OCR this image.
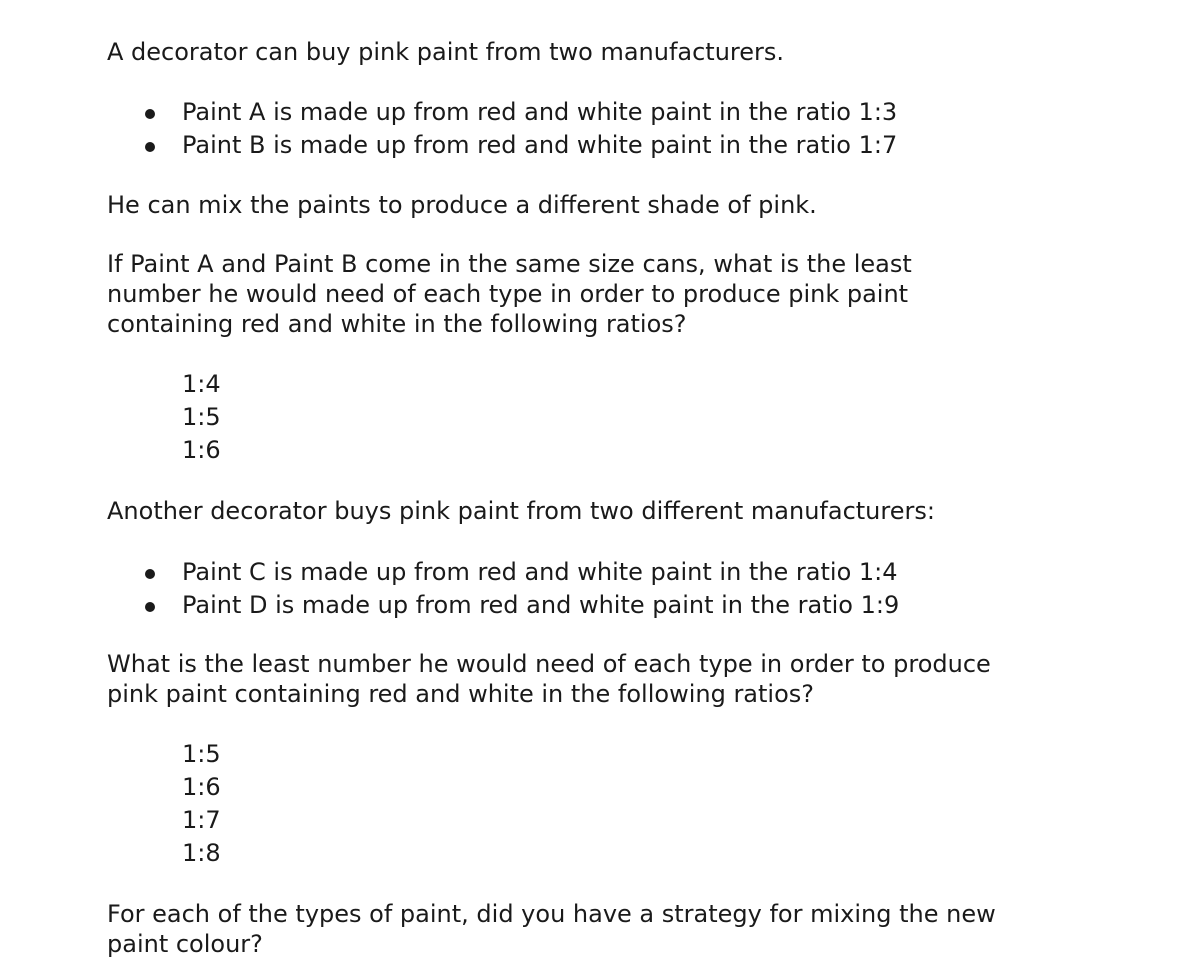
A decorator can buy pink paint from two manufacturers.

Paint A is made up from red and white paint in the ratio 1:3
Paint B is made up from red and white paint in the ratio 1:7

He can mix the paints to produce a different shade of pink.

If Paint A and Paint B come in the same size cans, what is the least
number he would need of each type in order to produce pink paint
containing red and white in the following ratios?

1:4
1:5
1:6

Another decorator buys pink paint from two different manufacturers:

Paint C is made up from red and white paint in the ratio 1:4
Paint D is made up from red and white paint in the ratio 1:9

What is the least number he would need of each type in order to produce
pink paint containing red and white in the following ratios?

1:5
1:6
1:7
1:8

For each of the types of paint, did you have a strategy for mixing the new
paint colour?
